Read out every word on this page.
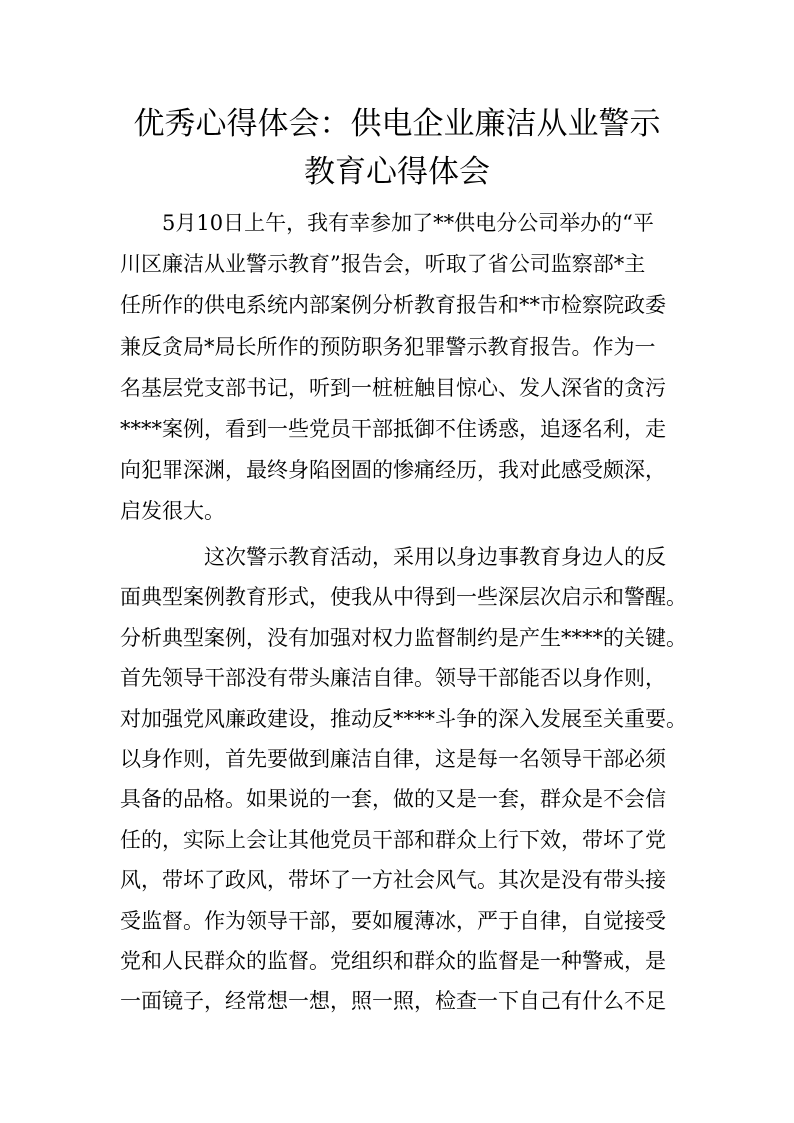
优秀心得体会：供电企业廉洁从业警示
教育心得体会
　　5月10日上午，我有幸参加了**供电分公司举办的“平
川区廉洁从业警示教育”报告会，听取了省公司监察部*主
任所作的供电系统内部案例分析教育报告和**市检察院政委
兼反贪局*局长所作的预防职务犯罪警示教育报告。作为一
名基层党支部书记，听到一桩桩触目惊心、发人深省的贪污
****案例，看到一些党员干部抵御不住诱惑，追逐名利，走
向犯罪深渊，最终身陷囹圄的惨痛经历，我对此感受颇深，
启发很大。
　　　　这次警示教育活动，采用以身边事教育身边人的反
面典型案例教育形式，使我从中得到一些深层次启示和警醒。
分析典型案例，没有加强对权力监督制约是产生****的关键。
首先领导干部没有带头廉洁自律。领导干部能否以身作则，
对加强党风廉政建设，推动反****斗争的深入发展至关重要。
以身作则，首先要做到廉洁自律，这是每一名领导干部必须
具备的品格。如果说的一套，做的又是一套，群众是不会信
任的，实际上会让其他党员干部和群众上行下效，带坏了党
风，带坏了政风，带坏了一方社会风气。其次是没有带头接
受监督。作为领导干部，要如履薄冰，严于自律，自觉接受
党和人民群众的监督。党组织和群众的监督是一种警戒，是
一面镜子，经常想一想，照一照，检查一下自己有什么不足
